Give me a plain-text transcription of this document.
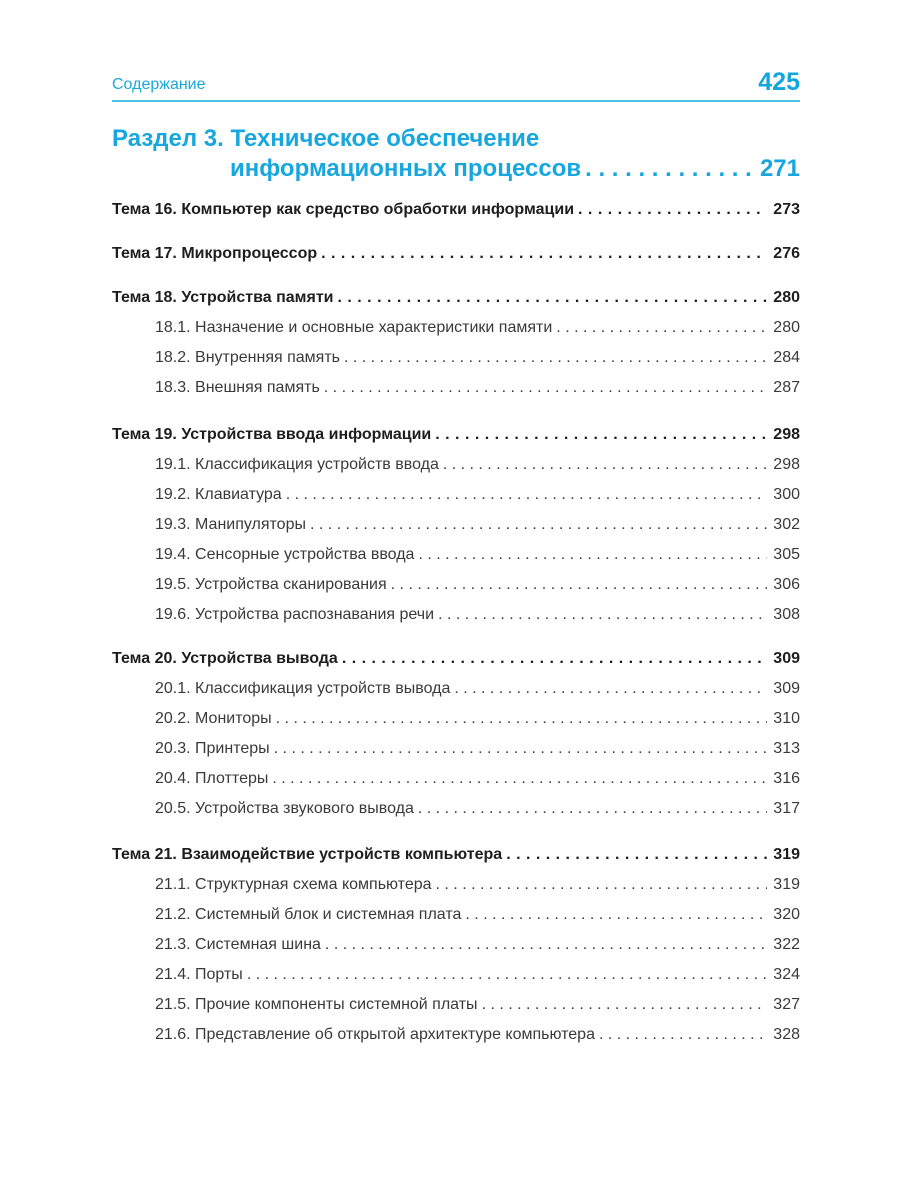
Содержание	425
Раздел 3. Техническое обеспечение
информационных процессов . . .	271
Тема 16. Компьютер как средство обработки информации . . .	273
Тема 17. Микропроцессор . . .	276
Тема 18. Устройства памяти . . .	280
18.1. Назначение и основные характеристики памяти . . .	280
18.2. Внутренняя память . . .	284
18.3. Внешняя память . . .	287
Тема 19. Устройства ввода информации . . .	298
19.1. Классификация устройств ввода . . .	298
19.2. Клавиатура . . .	300
19.3. Манипуляторы . . .	302
19.4. Сенсорные устройства ввода . . .	305
19.5. Устройства сканирования . . .	306
19.6. Устройства распознавания речи . . .	308
Тема 20. Устройства вывода . . .	309
20.1. Классификация устройств вывода . . .	309
20.2. Мониторы . . .	310
20.3. Принтеры . . .	313
20.4. Плоттеры . . .	316
20.5. Устройства звукового вывода . . .	317
Тема 21. Взаимодействие устройств компьютера . . .	319
21.1. Структурная схема компьютера . . .	319
21.2. Системный блок и системная плата . . .	320
21.3. Системная шина . . .	322
21.4. Порты . . .	324
21.5. Прочие компоненты системной платы . . .	327
21.6. Представление об открытой архитектуре компьютера . . .	328
